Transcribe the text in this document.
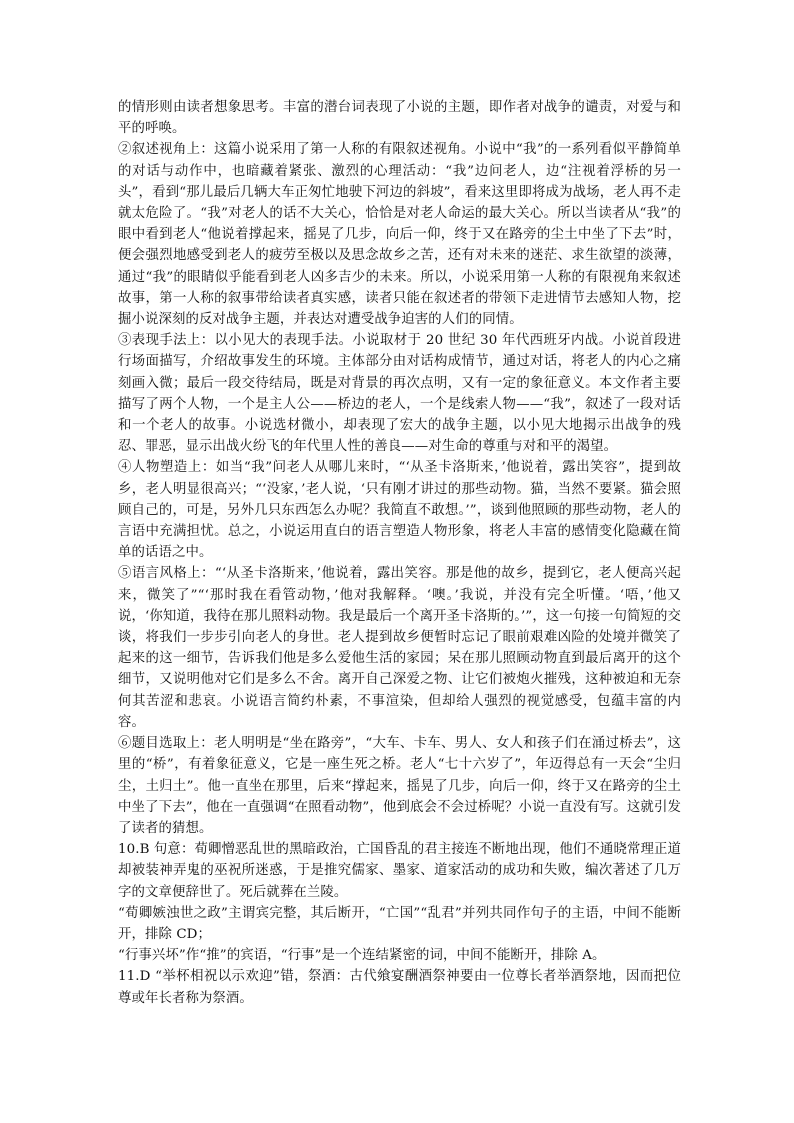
的情形则由读者想象思考。丰富的潜台词表现了小说的主题，即作者对战争的谴责，对爱与和平的呼唤。

②叙述视角上：这篇小说采用了第一人称的有限叙述视角。小说中“我”的一系列看似平静简单的对话与动作中，也暗藏着紧张、激烈的心理活动：“我”边问老人，边“注视着浮桥的另一头”，看到“那儿最后几辆大车正匆忙地驶下河边的斜坡”，看来这里即将成为战场，老人再不走就太危险了。“我”对老人的话不大关心，恰恰是对老人命运的最大关心。所以当读者从“我”的眼中看到老人“他说着撑起来，摇晃了几步，向后一仰，终于又在路旁的尘土中坐了下去”时，便会强烈地感受到老人的疲劳至极以及思念故乡之苦，还有对未来的迷茫、求生欲望的淡薄，通过“我”的眼睛似乎能看到老人凶多吉少的未来。所以，小说采用第一人称的有限视角来叙述故事，第一人称的叙事带给读者真实感，读者只能在叙述者的带领下走进情节去感知人物，挖掘小说深刻的反对战争主题，并表达对遭受战争迫害的人们的同情。

③表现手法上：以小见大的表现手法。小说取材于 20 世纪 30 年代西班牙内战。小说首段进行场面描写，介绍故事发生的环境。主体部分由对话构成情节，通过对话，将老人的内心之痛刻画入微；最后一段交待结局，既是对背景的再次点明，又有一定的象征意义。本文作者主要描写了两个人物，一个是主人公——桥边的老人，一个是线索人物——“我”，叙述了一段对话和一个老人的故事。小说选材微小，却表现了宏大的战争主题，以小见大地揭示出战争的残忍、罪恶，显示出战火纷飞的年代里人性的善良——对生命的尊重与对和平的渴望。

④人物塑造上：如当“我”问老人从哪儿来时，“‘从圣卡洛斯来，’他说着，露出笑容”，提到故乡，老人明显很高兴；“‘没家，’老人说，‘只有刚才讲过的那些动物。猫，当然不要紧。猫会照顾自己的，可是，另外几只东西怎么办呢？我简直不敢想。’”，谈到他照顾的那些动物，老人的言语中充满担忧。总之，小说运用直白的语言塑造人物形象，将老人丰富的感情变化隐藏在简单的话语之中。

⑤语言风格上：“‘从圣卡洛斯来，’他说着，露出笑容。那是他的故乡，提到它，老人便高兴起来，微笑了”“‘那时我在看管动物，’他对我解释。‘噢。’我说，并没有完全听懂。‘唔，’他又说，‘你知道，我待在那儿照料动物。我是最后一个离开圣卡洛斯的。’”，这一句接一句简短的交谈，将我们一步步引向老人的身世。老人提到故乡便暂时忘记了眼前艰难凶险的处境并微笑了起来的这一细节，告诉我们他是多么爱他生活的家园；呆在那儿照顾动物直到最后离开的这个细节，又说明他对它们是多么不舍。离开自己深爱之物、让它们被炮火摧残，这种被迫和无奈何其苦涩和悲哀。小说语言简约朴素，不事渲染，但却给人强烈的视觉感受，包蕴丰富的内容。

⑥题目选取上：老人明明是“坐在路旁”，“大车、卡车、男人、女人和孩子们在涌过桥去”，这里的“桥”，有着象征意义，它是一座生死之桥。老人“七十六岁了”，年迈得总有一天会“尘归尘，土归土”。他一直坐在那里，后来“撑起来，摇晃了几步，向后一仰，终于又在路旁的尘土中坐了下去”，他在一直强调“在照看动物”，他到底会不会过桥呢？小说一直没有写。这就引发了读者的猜想。

10.B 句意：荀卿憎恶乱世的黑暗政治，亡国昏乱的君主接连不断地出现，他们不通晓常理正道却被装神弄鬼的巫祝所迷惑，于是推究儒家、墨家、道家活动的成功和失败，编次著述了几万字的文章便辞世了。死后就葬在兰陵。

“荀卿嫉浊世之政”主谓宾完整，其后断开，“亡国”“乱君”并列共同作句子的主语，中间不能断开，排除 CD；

“行事兴坏”作“推”的宾语，“行事”是一个连结紧密的词，中间不能断开，排除 A。

11.D “举杯相祝以示欢迎”错，祭酒：古代飨宴酬酒祭神要由一位尊长者举酒祭地，因而把位尊或年长者称为祭酒。
